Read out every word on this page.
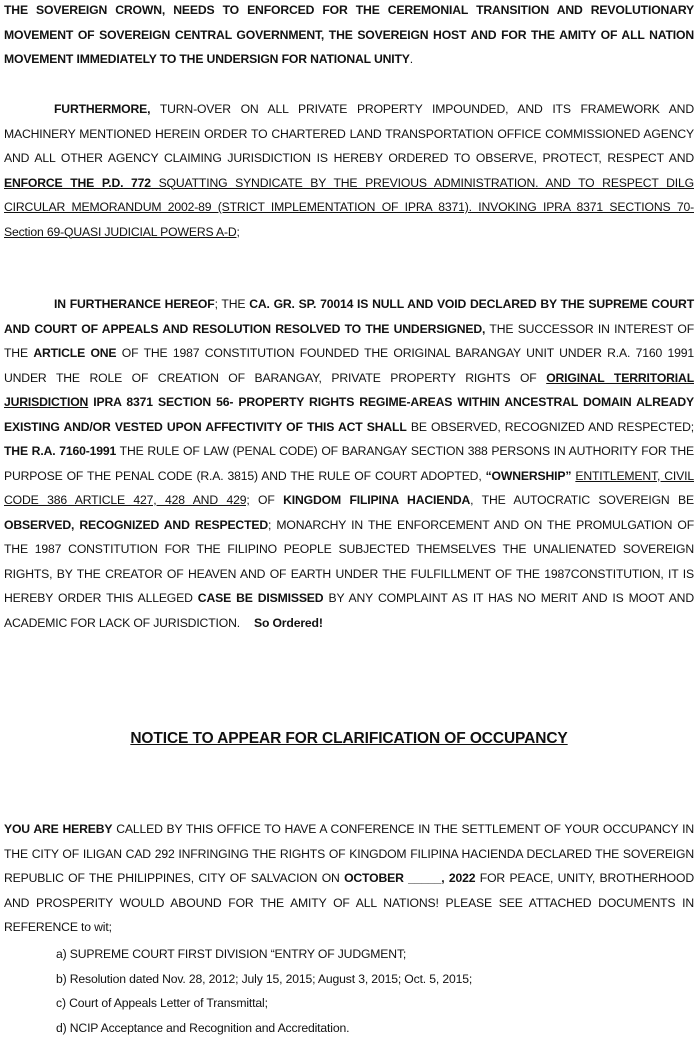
THE SOVEREIGN CROWN, NEEDS TO ENFORCED FOR THE CEREMONIAL TRANSITION AND REVOLUTIONARY MOVEMENT OF SOVEREIGN CENTRAL GOVERNMENT, THE SOVEREIGN HOST AND FOR THE AMITY OF ALL NATION MOVEMENT IMMEDIATELY TO THE UNDERSIGN FOR NATIONAL UNITY.

FURTHERMORE, TURN-OVER ON ALL PRIVATE PROPERTY IMPOUNDED, AND ITS FRAMEWORK AND MACHINERY MENTIONED HEREIN ORDER TO CHARTERED LAND TRANSPORTATION OFFICE COMMISSIONED AGENCY AND ALL OTHER AGENCY CLAIMING JURISDICTION IS HEREBY ORDERED TO OBSERVE, PROTECT, RESPECT AND ENFORCE THE P.D. 772 SQUATTING SYNDICATE BY THE PREVIOUS ADMINISTRATION. AND TO RESPECT DILG CIRCULAR MEMORANDUM 2002-89 (STRICT IMPLEMENTATION OF IPRA 8371). INVOKING IPRA 8371 SECTIONS 70- Section 69-QUASI JUDICIAL POWERS A-D;

IN FURTHERANCE HEREOF; THE CA. GR. SP. 70014 IS NULL AND VOID DECLARED BY THE SUPREME COURT AND COURT OF APPEALS AND RESOLUTION RESOLVED TO THE UNDERSIGNED, THE SUCCESSOR IN INTEREST OF THE ARTICLE ONE OF THE 1987 CONSTITUTION FOUNDED THE ORIGINAL BARANGAY UNIT UNDER R.A. 7160 1991 UNDER THE ROLE OF CREATION OF BARANGAY, PRIVATE PROPERTY RIGHTS OF ORIGINAL TERRITORIAL JURISDICTION IPRA 8371 SECTION 56- PROPERTY RIGHTS REGIME-AREAS WITHIN ANCESTRAL DOMAIN ALREADY EXISTING AND/OR VESTED UPON AFFECTIVITY OF THIS ACT SHALL BE OBSERVED, RECOGNIZED AND RESPECTED; THE R.A. 7160-1991 THE RULE OF LAW (PENAL CODE) OF BARANGAY SECTION 388 PERSONS IN AUTHORITY FOR THE PURPOSE OF THE PENAL CODE (R.A. 3815) AND THE RULE OF COURT ADOPTED, “OWNERSHIP” ENTITLEMENT, CIVIL CODE 386 ARTICLE 427, 428 AND 429; OF KINGDOM FILIPINA HACIENDA, THE AUTOCRATIC SOVEREIGN BE OBSERVED, RECOGNIZED AND RESPECTED; MONARCHY IN THE ENFORCEMENT AND ON THE PROMULGATION OF THE 1987 CONSTITUTION FOR THE FILIPINO PEOPLE SUBJECTED THEMSELVES THE UNALIENATED SOVEREIGN RIGHTS, BY THE CREATOR OF HEAVEN AND OF EARTH UNDER THE FULFILLMENT OF THE 1987CONSTITUTION, IT IS HEREBY ORDER THIS ALLEGED CASE BE DISMISSED BY ANY COMPLAINT AS IT HAS NO MERIT AND IS MOOT AND ACADEMIC FOR LACK OF JURISDICTION. So Ordered!

NOTICE TO APPEAR FOR CLARIFICATION OF OCCUPANCY

YOU ARE HEREBY CALLED BY THIS OFFICE TO HAVE A CONFERENCE IN THE SETTLEMENT OF YOUR OCCUPANCY IN THE CITY OF ILIGAN CAD 292 INFRINGING THE RIGHTS OF KINGDOM FILIPINA HACIENDA DECLARED THE SOVEREIGN REPUBLIC OF THE PHILIPPINES, CITY OF SALVACION ON OCTOBER _____, 2022 FOR PEACE, UNITY, BROTHERHOOD AND PROSPERITY WOULD ABOUND FOR THE AMITY OF ALL NATIONS! PLEASE SEE ATTACHED DOCUMENTS IN REFERENCE to wit;

a) SUPREME COURT FIRST DIVISION “ENTRY OF JUDGMENT;
b) Resolution dated Nov. 28, 2012; July 15, 2015; August 3, 2015; Oct. 5, 2015;
c) Court of Appeals Letter of Transmittal;
d) NCIP Acceptance and Recognition and Accreditation.
